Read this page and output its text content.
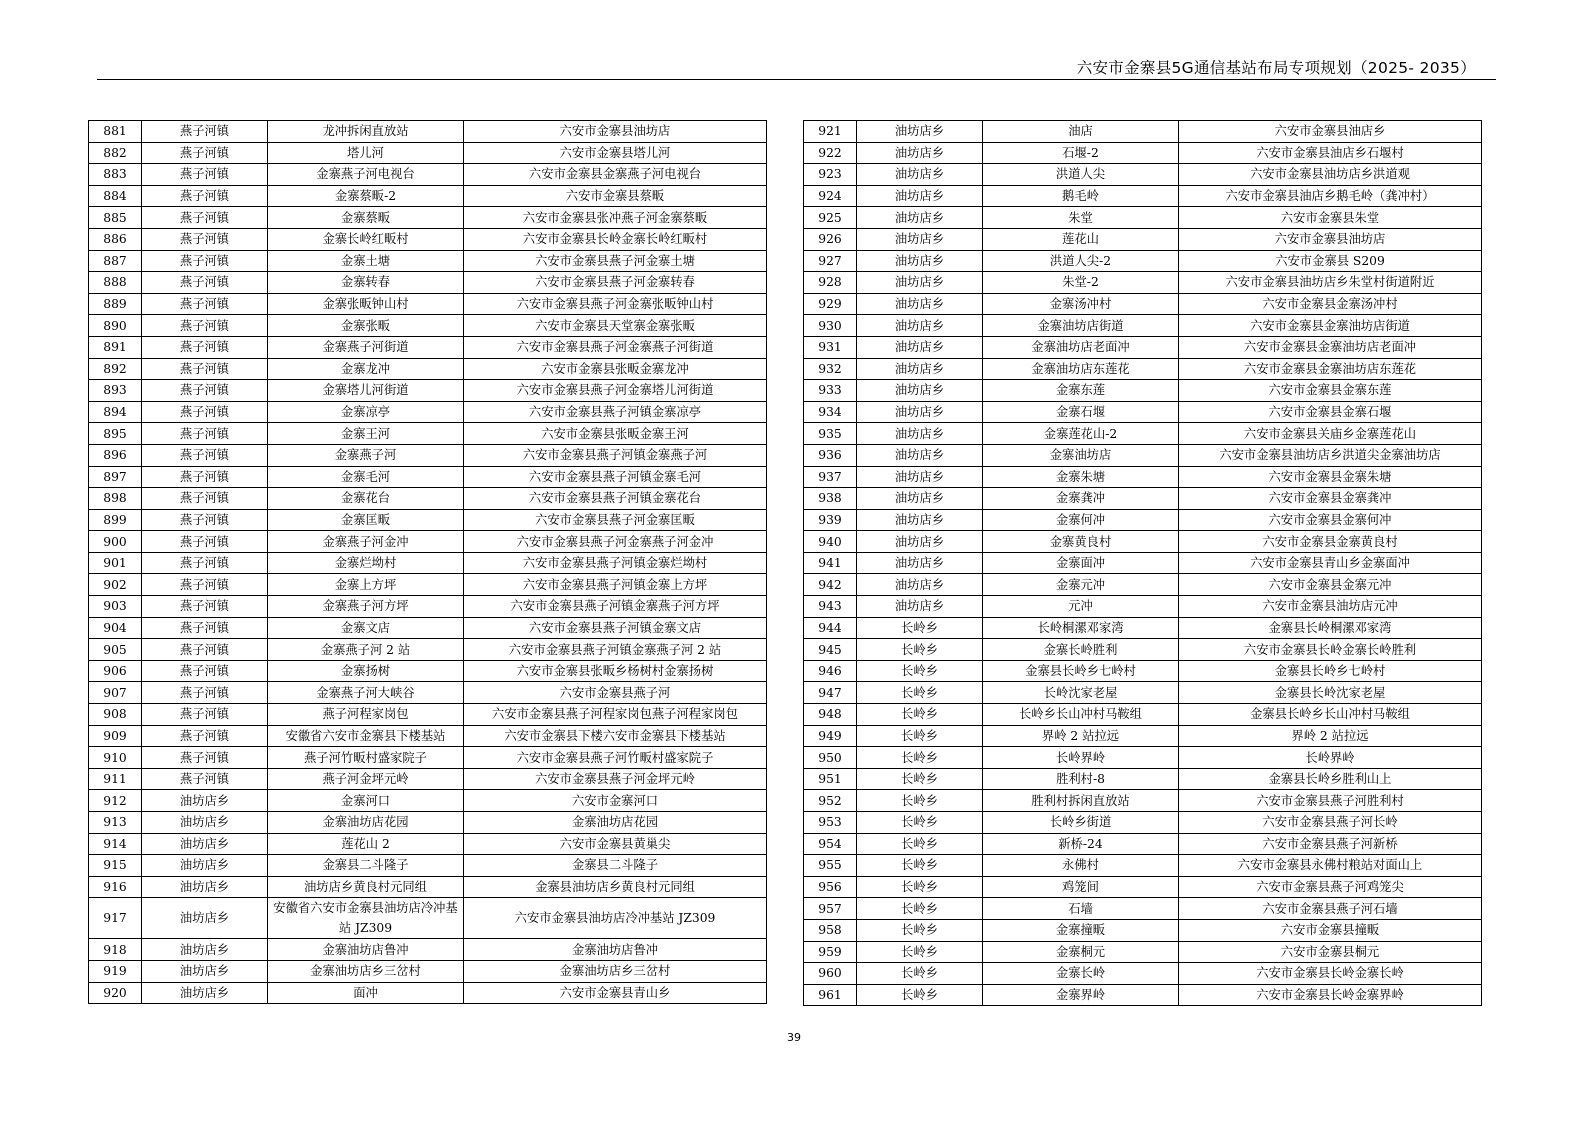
六安市金寨县5G通信基站布局专项规划（2025- 2035）
881	燕子河镇	龙冲拆闲直放站	六安市金寨县油坊店
882	燕子河镇	塔儿河	六安市金寨县塔儿河
883	燕子河镇	金寨燕子河电视台	六安市金寨县金寨燕子河电视台
884	燕子河镇	金寨蔡畈-2	六安市金寨县蔡畈
885	燕子河镇	金寨蔡畈	六安市金寨县张冲燕子河金寨蔡畈
886	燕子河镇	金寨长岭红畈村	六安市金寨县长岭金寨长岭红畈村
887	燕子河镇	金寨土塘	六安市金寨县燕子河金寨土塘
888	燕子河镇	金寨转春	六安市金寨县燕子河金寨转春
889	燕子河镇	金寨张畈钟山村	六安市金寨县燕子河金寨张畈钟山村
890	燕子河镇	金寨张畈	六安市金寨县天堂寨金寨张畈
891	燕子河镇	金寨燕子河街道	六安市金寨县燕子河金寨燕子河街道
892	燕子河镇	金寨龙冲	六安市金寨县张畈金寨龙冲
893	燕子河镇	金寨塔儿河街道	六安市金寨县燕子河金寨塔儿河街道
894	燕子河镇	金寨凉亭	六安市金寨县燕子河镇金寨凉亭
895	燕子河镇	金寨王河	六安市金寨县张畈金寨王河
896	燕子河镇	金寨燕子河	六安市金寨县燕子河镇金寨燕子河
897	燕子河镇	金寨毛河	六安市金寨县燕子河镇金寨毛河
898	燕子河镇	金寨花台	六安市金寨县燕子河镇金寨花台
899	燕子河镇	金寨匡畈	六安市金寨县燕子河金寨匡畈
900	燕子河镇	金寨燕子河金冲	六安市金寨县燕子河金寨燕子河金冲
901	燕子河镇	金寨烂坳村	六安市金寨县燕子河镇金寨烂坳村
902	燕子河镇	金寨上方坪	六安市金寨县燕子河镇金寨上方坪
903	燕子河镇	金寨燕子河方坪	六安市金寨县燕子河镇金寨燕子河方坪
904	燕子河镇	金寨文店	六安市金寨县燕子河镇金寨文店
905	燕子河镇	金寨燕子河 2 站	六安市金寨县燕子河镇金寨燕子河 2 站
906	燕子河镇	金寨扬树	六安市金寨县张畈乡杨树村金寨扬树
907	燕子河镇	金寨燕子河大峡谷	六安市金寨县燕子河
908	燕子河镇	燕子河程家岗包	六安市金寨县燕子河程家岗包燕子河程家岗包
909	燕子河镇	安徽省六安市金寨县下楼基站	六安市金寨县下楼六安市金寨县下楼基站
910	燕子河镇	燕子河竹畈村盛家院子	六安市金寨县燕子河竹畈村盛家院子
911	燕子河镇	燕子河金坪元岭	六安市金寨县燕子河金坪元岭
912	油坊店乡	金寨河口	六安市金寨河口
913	油坊店乡	金寨油坊店花园	金寨油坊店花园
914	油坊店乡	莲花山 2	六安市金寨县黄巢尖
915	油坊店乡	金寨县二斗隆子	金寨县二斗隆子
916	油坊店乡	油坊店乡黄良村元同组	金寨县油坊店乡黄良村元同组
917	油坊店乡	安徽省六安市金寨县油坊店冷冲基站 JZ309	六安市金寨县油坊店冷冲基站 JZ309
918	油坊店乡	金寨油坊店鲁冲	金寨油坊店鲁冲
919	油坊店乡	金寨油坊店乡三岔村	金寨油坊店乡三岔村
920	油坊店乡	面冲	六安市金寨县青山乡
921	油坊店乡	油店	六安市金寨县油店乡
922	油坊店乡	石堰-2	六安市金寨县油店乡石堰村
923	油坊店乡	洪道人尖	六安市金寨县油坊店乡洪道观
924	油坊店乡	鹅毛岭	六安市金寨县油店乡鹅毛岭（龚冲村）
925	油坊店乡	朱堂	六安市金寨县朱堂
926	油坊店乡	莲花山	六安市金寨县油坊店
927	油坊店乡	洪道人尖-2	六安市金寨县 S209
928	油坊店乡	朱堂-2	六安市金寨县油坊店乡朱堂村街道附近
929	油坊店乡	金寨汤冲村	六安市金寨县金寨汤冲村
930	油坊店乡	金寨油坊店街道	六安市金寨县金寨油坊店街道
931	油坊店乡	金寨油坊店老面冲	六安市金寨县金寨油坊店老面冲
932	油坊店乡	金寨油坊店东莲花	六安市金寨县金寨油坊店东莲花
933	油坊店乡	金寨东莲	六安市金寨县金寨东莲
934	油坊店乡	金寨石堰	六安市金寨县金寨石堰
935	油坊店乡	金寨莲花山-2	六安市金寨县关庙乡金寨莲花山
936	油坊店乡	金寨油坊店	六安市金寨县油坊店乡洪道尖金寨油坊店
937	油坊店乡	金寨朱塘	六安市金寨县金寨朱塘
938	油坊店乡	金寨龚冲	六安市金寨县金寨龚冲
939	油坊店乡	金寨何冲	六安市金寨县金寨何冲
940	油坊店乡	金寨黄良村	六安市金寨县金寨黄良村
941	油坊店乡	金寨面冲	六安市金寨县青山乡金寨面冲
942	油坊店乡	金寨元冲	六安市金寨县金寨元冲
943	油坊店乡	元冲	六安市金寨县油坊店元冲
944	长岭乡	长岭桐漯邓家湾	金寨县长岭桐漯邓家湾
945	长岭乡	金寨长岭胜利	六安市金寨县长岭金寨长岭胜利
946	长岭乡	金寨县长岭乡七岭村	金寨县长岭乡七岭村
947	长岭乡	长岭沈家老屋	金寨县长岭沈家老屋
948	长岭乡	长岭乡长山冲村马鞍组	金寨县长岭乡长山冲村马鞍组
949	长岭乡	界岭 2 站拉远	界岭 2 站拉远
950	长岭乡	长岭界岭	长岭界岭
951	长岭乡	胜利村-8	金寨县长岭乡胜利山上
952	长岭乡	胜利村拆闲直放站	六安市金寨县燕子河胜利村
953	长岭乡	长岭乡街道	六安市金寨县燕子河长岭
954	长岭乡	新桥-24	六安市金寨县燕子河新桥
955	长岭乡	永佛村	六安市金寨县永佛村粮站对面山上
956	长岭乡	鸡笼间	六安市金寨县燕子河鸡笼尖
957	长岭乡	石墙	六安市金寨县燕子河石墙
958	长岭乡	金寨撞畈	六安市金寨县撞畈
959	长岭乡	金寨桐元	六安市金寨县桐元
960	长岭乡	金寨长岭	六安市金寨县长岭金寨长岭
961	长岭乡	金寨界岭	六安市金寨县长岭金寨界岭
39
